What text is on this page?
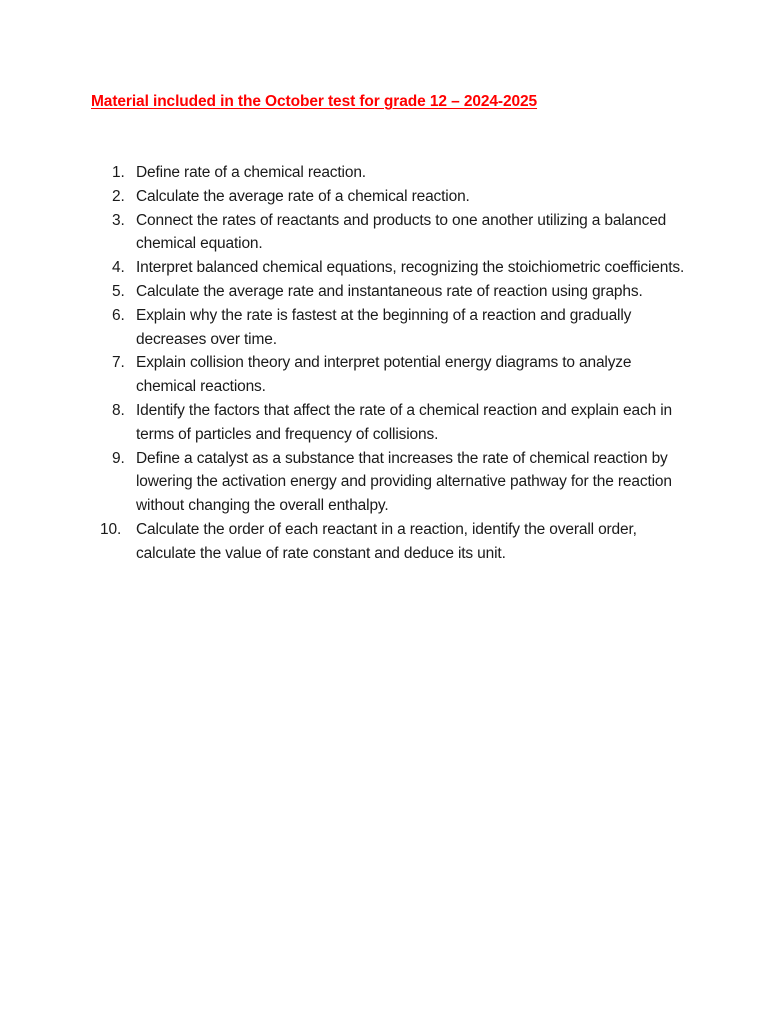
Material included in the October test for grade 12 – 2024-2025
1. Define rate of a chemical reaction.
2. Calculate the average rate of a chemical reaction.
3. Connect the rates of reactants and products to one another utilizing a balanced chemical equation.
4. Interpret balanced chemical equations, recognizing the stoichiometric coefficients.
5. Calculate the average rate and instantaneous rate of reaction using graphs.
6. Explain why the rate is fastest at the beginning of a reaction and gradually decreases over time.
7. Explain collision theory and interpret potential energy diagrams to analyze chemical reactions.
8. Identify the factors that affect the rate of a chemical reaction and explain each in terms of particles and frequency of collisions.
9. Define a catalyst as a substance that increases the rate of chemical reaction by lowering the activation energy and providing alternative pathway for the reaction without changing the overall enthalpy.
10. Calculate the order of each reactant in a reaction, identify the overall order, calculate the value of rate constant and deduce its unit.
